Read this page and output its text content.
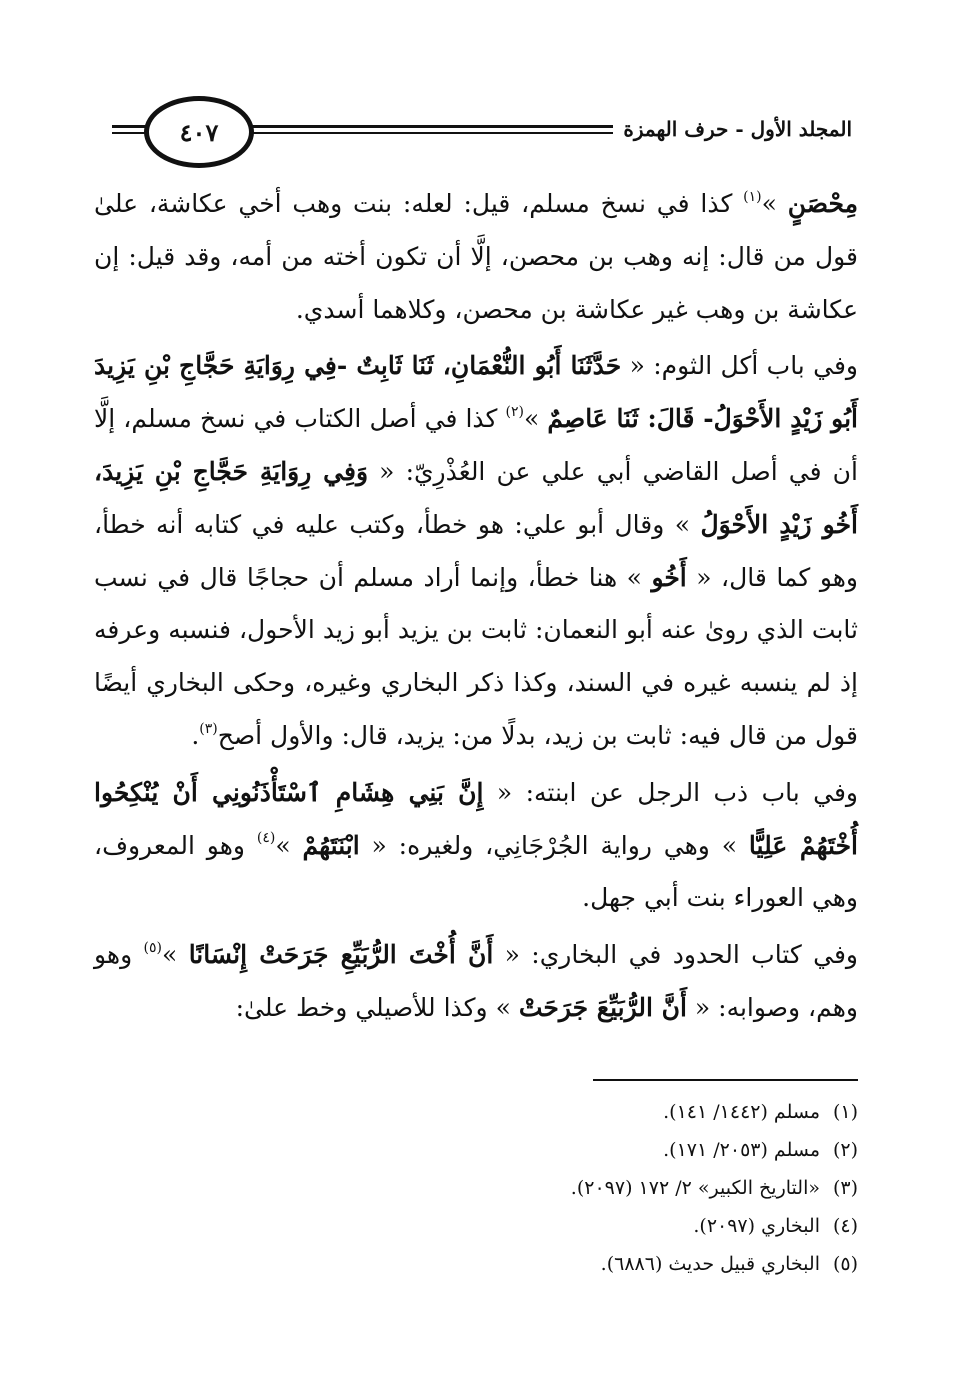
المجلد الأول - حرف الهمزة
٤٠٧

مِحْصَنٍ »$^{(١)}$ كذا في نسخ مسلم، قيل: لعله: بنت وهب أخي عكاشة، علىٰ قول من قال: إنه وهب بن محصن، إلَّا أن تكون أخته من أمه، وقد قيل: إن عكاشة بن وهب غير عكاشة بن محصن، وكلاهما أسدي.

وفي باب أكل الثوم: « حَدَّثَنَا أَبُو النُّعْمَانِ، ثَنَا ثَابِتٌ -فِي رِوَايَةِ حَجَّاجِ بْنِ يَزِيدَ أَبُو زَيْدٍ الأَحْوَلُ- قَالَ: ثَنَا عَاصِمٌ »$^{(٢)}$ كذا في أصل الكتاب في نسخ مسلم، إلَّا أن في أصل القاضي أبي علي عن العُذْرِيّ: « وَفِي رِوَايَةِ حَجَّاجِ بْنِ يَزِيدَ، أَخُو زَيْدٍ الأَحْوَلُ » وقال أبو علي: هو خطأ، وكتب عليه في كتابه أنه خطأ، وهو كما قال، « أَخُو » هنا خطأ، وإنما أراد مسلم أن حجاجًا قال في نسب ثابت الذي روىٰ عنه أبو النعمان: ثابت بن يزيد أبو زيد الأحول، فنسبه وعرفه إذ لم ينسبه غيره في السند، وكذا ذكر البخاري وغيره، وحكى البخاري أيضًا قول من قال فيه: ثابت بن زيد، بدلًا من: يزيد، قال: والأول أصح$^{(٣)}$.

وفي باب ذب الرجل عن ابنته: « إِنَّ بَنِي هِشَامِ ٱسْتَأْذَنُونِي أَنْ يُنْكِحُوا أُخْتَهُمْ عَلِيًّا » وهي رواية الجُرْجَانِي، ولغيره: « ابْنَتَهُمْ »$^{(٤)}$ وهو المعروف، وهي العوراء بنت أبي جهل.

وفي كتاب الحدود في البخاري: « أَنَّ أُخْتَ الرُّبَيِّعِ جَرَحَتْ إِنْسَانًا »$^{(٥)}$ وهو وهم، وصوابه: « أَنَّ الرُّبَيِّعَ جَرَحَتْ » وكذا للأصيلي وخط علىٰ:

(١)مسلم (١٤٤٢/ ١٤١).

(٢)مسلم (٢٠٥٣/ ١٧١).

(٣)«التاريخ الكبير» ٢/ ١٧٢ (٢٠٩٧).

(٤)البخاري (٢٠٩٧).

(٥)البخاري قبيل حديث (٦٨٨٦).
